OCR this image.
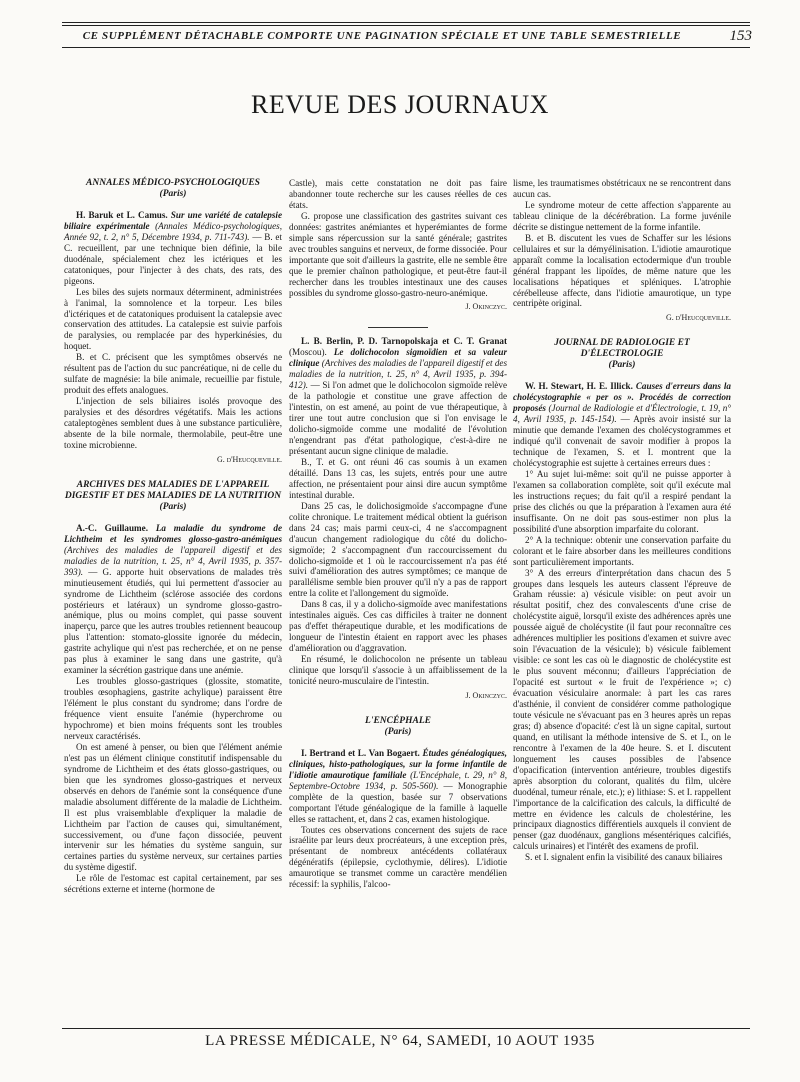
CE SUPPLÉMENT DÉTACHABLE COMPORTE UNE PAGINATION SPÉCIALE ET UNE TABLE SEMESTRIELLE	153
REVUE DES JOURNAUX
ANNALES MÉDICO-PSYCHOLOGIQUES
(Paris)

H. Baruk et L. Camus. Sur une variété de catalepsie biliaire expérimentale (Annales Médico-psychologiques, Année 92, t. 2, n° 5, Décembre 1934, p. 711-743). — B. et C. recueillent, par une technique bien définie, la bile duodénale, spécialement chez les ictériques et les catatoniques, pour l'injecter à des chats, des rats, des pigeons.

Les biles des sujets normaux déterminent, administrées à l'animal, la somnolence et la torpeur. Les biles d'ictériques et de catatoniques produisent la catalepsie avec conservation des attitudes. La catalepsie est suivie parfois de paralysies, ou remplacée par des hyperkinésies, du hoquet.

B. et C. précisent que les symptômes observés ne résultent pas de l'action du suc pancréatique, ni de celle du sulfate de magnésie: la bile animale, recueillie par fistule, produit des effets analogues.

L'injection de sels biliaires isolés provoque des paralysies et des désordres végétatifs. Mais les actions cataleptogènes semblent dues à une substance particulière, absente de la bile normale, thermolabile, peut-être une toxine microbienne.

G. d'Heucqueville.
ARCHIVES DES MALADIES DE L'APPAREIL DIGESTIF ET DES MALADIES DE LA NUTRITION
(Paris)

A.-C. Guillaume. La maladie du syndrome de Lichtheim et les syndromes glosso-gastro-anémiques (Archives des maladies de l'appareil digestif et des maladies de la nutrition, t. 25, n° 4, Avril 1935, p. 357-393). — G. apporte huit observations de malades très minutieusement étudiés, qui lui permettent d'associer au syndrome de Lichtheim (sclérose associée des cordons postérieurs et latéraux) un syndrome glosso-gastro-anémique, plus ou moins complet, qui passe souvent inaperçu, parce que les autres troubles retiennent beaucoup plus l'attention: stomato-glossite ignorée du médecin, gastrite achylique qui n'est pas recherchée, et on ne pense pas plus à examiner le sang dans une gastrite, qu'à examiner la sécrétion gastrique dans une anémie.

Les troubles glosso-gastriques (glossite, stomatite, troubles œsophagiens, gastrite achylique) paraissent être l'élément le plus constant du syndrome; dans l'ordre de fréquence vient ensuite l'anémie (hyperchrome ou hypochrome) et bien moins fréquents sont les troubles nerveux caractérisés.

On est amené à penser, ou bien que l'élément anémie n'est pas un élément clinique constitutif indispensable du syndrome de Lichtheim et des états glosso-gastriques, ou bien que les syndromes glosso-gastriques et nerveux observés en dehors de l'anémie sont la conséquence d'une maladie absolument différente de la maladie de Lichtheim. Il est plus vraisemblable d'expliquer la maladie de Lichtheim par l'action de causes qui, simultanément, successivement, ou d'une façon dissociée, peuvent intervenir sur les hématies du système sanguin, sur certaines parties du système nerveux, sur certaines parties du système digestif.

Le rôle de l'estomac est capital certainement, par ses sécrétions externe et interne (hormone de

Castle), mais cette constatation ne doit pas faire abandonner toute recherche sur les causes réelles de ces états.

G. propose une classification des gastrites suivant ces données: gastrites anémiantes et hyperémiantes de forme simple sans répercussion sur la santé générale; gastrites avec troubles sanguins et nerveux, de forme dissociée. Pour importante que soit d'ailleurs la gastrite, elle ne semble être que le premier chaînon pathologique, et peut-être faut-il rechercher dans les troubles intestinaux une des causes possibles du syndrome glosso-gastro-neuro-anémique.

J. Okinczyc.

L. B. Berlin, P. D. Tarnopolskaja et C. T. Granat (Moscou). Le dolichocolon sigmoïdien et sa valeur clinique (Archives des maladies de l'appareil digestif et des maladies de la nutrition, t. 25, n° 4, Avril 1935, p. 394-412). — Si l'on admet que le dolichocolon sigmoïde relève de la pathologie et constitue une grave affection de l'intestin, on est amené, au point de vue thérapeutique, à tirer une tout autre conclusion que si l'on envisage le dolicho-sigmoïde comme une modalité de l'évolution n'engendrant pas d'état pathologique, c'est-à-dire ne présentant aucun signe clinique de maladie.

B., T. et G. ont réuni 46 cas soumis à un examen détaillé. Dans 13 cas, les sujets, entrés pour une autre affection, ne présentaient pour ainsi dire aucun symptôme intestinal durable.

Dans 25 cas, le dolichosigmoïde s'accompagne d'une colite chronique. Le traitement médical obtient la guérison dans 24 cas; mais parmi ceux-ci, 4 ne s'accompagnent d'aucun changement radiologique du côté du dolicho-sigmoïde; 2 s'accompagnent d'un raccourcissement du dolicho-sigmoïde et 1 où le raccourcissement n'a pas été suivi d'amélioration des autres symptômes; ce manque de parallélisme semble bien prouver qu'il n'y a pas de rapport entre la colite et l'allongement du sigmoïde.

Dans 8 cas, il y a dolicho-sigmoïde avec manifestations intestinales aiguës. Ces cas difficiles à traiter ne donnent pas d'effet thérapeutique durable, et les modifications de longueur de l'intestin étaient en rapport avec les phases d'amélioration ou d'aggravation.

En résumé, le dolichocolon ne présente un tableau clinique que lorsqu'il s'associe à un affaiblissement de la tonicité neuro-musculaire de l'intestin.

J. Okinczyc.
L'ENCÉPHALE
(Paris)

I. Bertrand et L. Van Bogaert. Études généalogiques, cliniques, histo-pathologiques, sur la forme infantile de l'idiotie amaurotique familiale (L'Encéphale, t. 29, n° 8, Septembre-Octobre 1934, p. 505-560). — Monographie complète de la question, basée sur 7 observations comportant l'étude généalogique de la famille à laquelle elles se rattachent, et, dans 2 cas, examen histologique.

Toutes ces observations concernent des sujets de race israélite par leurs deux procréateurs, à une exception près, présentant de nombreux antécédents collatéraux dégénératifs (épilepsie, cyclothymie, délires). L'idiotie amaurotique se transmet comme un caractère mendélien récessif: la syphilis, l'alcoo-

lisme, les traumatismes obstétricaux ne se rencontrent dans aucun cas.

Le syndrome moteur de cette affection s'apparente au tableau clinique de la décérébration. La forme juvénile décrite se distingue nettement de la forme infantile.

B. et B. discutent les vues de Schaffer sur les lésions cellulaires et sur la démyélinisation. L'idiotie amaurotique apparaît comme la localisation ectodermique d'un trouble général frappant les lipoïdes, de même nature que les localisations hépatiques et spléniques. L'atrophie cérébelleuse affecte, dans l'idiotie amaurotique, un type centripète original.

G. d'Heucqueville.
JOURNAL DE RADIOLOGIE ET D'ÉLECTROLOGIE
(Paris)

W. H. Stewart, H. E. Illick. Causes d'erreurs dans la cholécystographie « per os ». Procédés de correction proposés (Journal de Radiologie et d'Électrologie, t. 19, n° 4, Avril 1935, p. 145-154). — Après avoir insisté sur la minutie que demande l'examen des cholécystogrammes et indiqué qu'il convenait de savoir modifier à propos la technique de l'examen, S. et I. montrent que la cholécystographie est sujette à certaines erreurs dues :

1° Au sujet lui-même: soit qu'il ne puisse apporter à l'examen sa collaboration complète, soit qu'il exécute mal les instructions reçues; du fait qu'il a respiré pendant la prise des clichés ou que la préparation à l'examen aura été insuffisante. On ne doit pas sous-estimer non plus la possibilité d'une absorption imparfaite du colorant.

2° A la technique: obtenir une conservation parfaite du colorant et le faire absorber dans les meilleures conditions sont particulièrement importants.

3° A des erreurs d'interprétation dans chacun des 5 groupes dans lesquels les auteurs classent l'épreuve de Graham réussie: a) vésicule visible: on peut avoir un résultat positif, chez des convalescents d'une crise de cholécystite aiguë, lorsqu'il existe des adhérences après une poussée aiguë de cholécystite (il faut pour reconnaître ces adhérences multiplier les positions d'examen et suivre avec soin l'évacuation de la vésicule); b) vésicule faiblement visible: ce sont les cas où le diagnostic de cholécystite est le plus souvent méconnu; d'ailleurs l'appréciation de l'opacité est surtout « le fruit de l'expérience »; c) évacuation vésiculaire anormale: à part les cas rares d'asthénie, il convient de considérer comme pathologique toute vésicule ne s'évacuant pas en 3 heures après un repas gras; d) absence d'opacité: c'est là un signe capital, surtout quand, en utilisant la méthode intensive de S. et I., on le rencontre à l'examen de la 40e heure. S. et I. discutent longuement les causes possibles de l'absence d'opacification (intervention antérieure, troubles digestifs après absorption du colorant, qualités du film, ulcère duodénal, tumeur rénale, etc.); e) lithiase: S. et I. rappellent l'importance de la calcification des calculs, la difficulté de mettre en évidence les calculs de cholestérine, les principaux diagnostics différentiels auxquels il convient de penser (gaz duodénaux, ganglions mésentériques calcifiés, calculs urinaires) et l'intérêt des examens de profil.

S. et I. signalent enfin la visibilité des canaux biliaires

LA PRESSE MÉDICALE, N° 64, SAMEDI, 10 AOUT 1935
